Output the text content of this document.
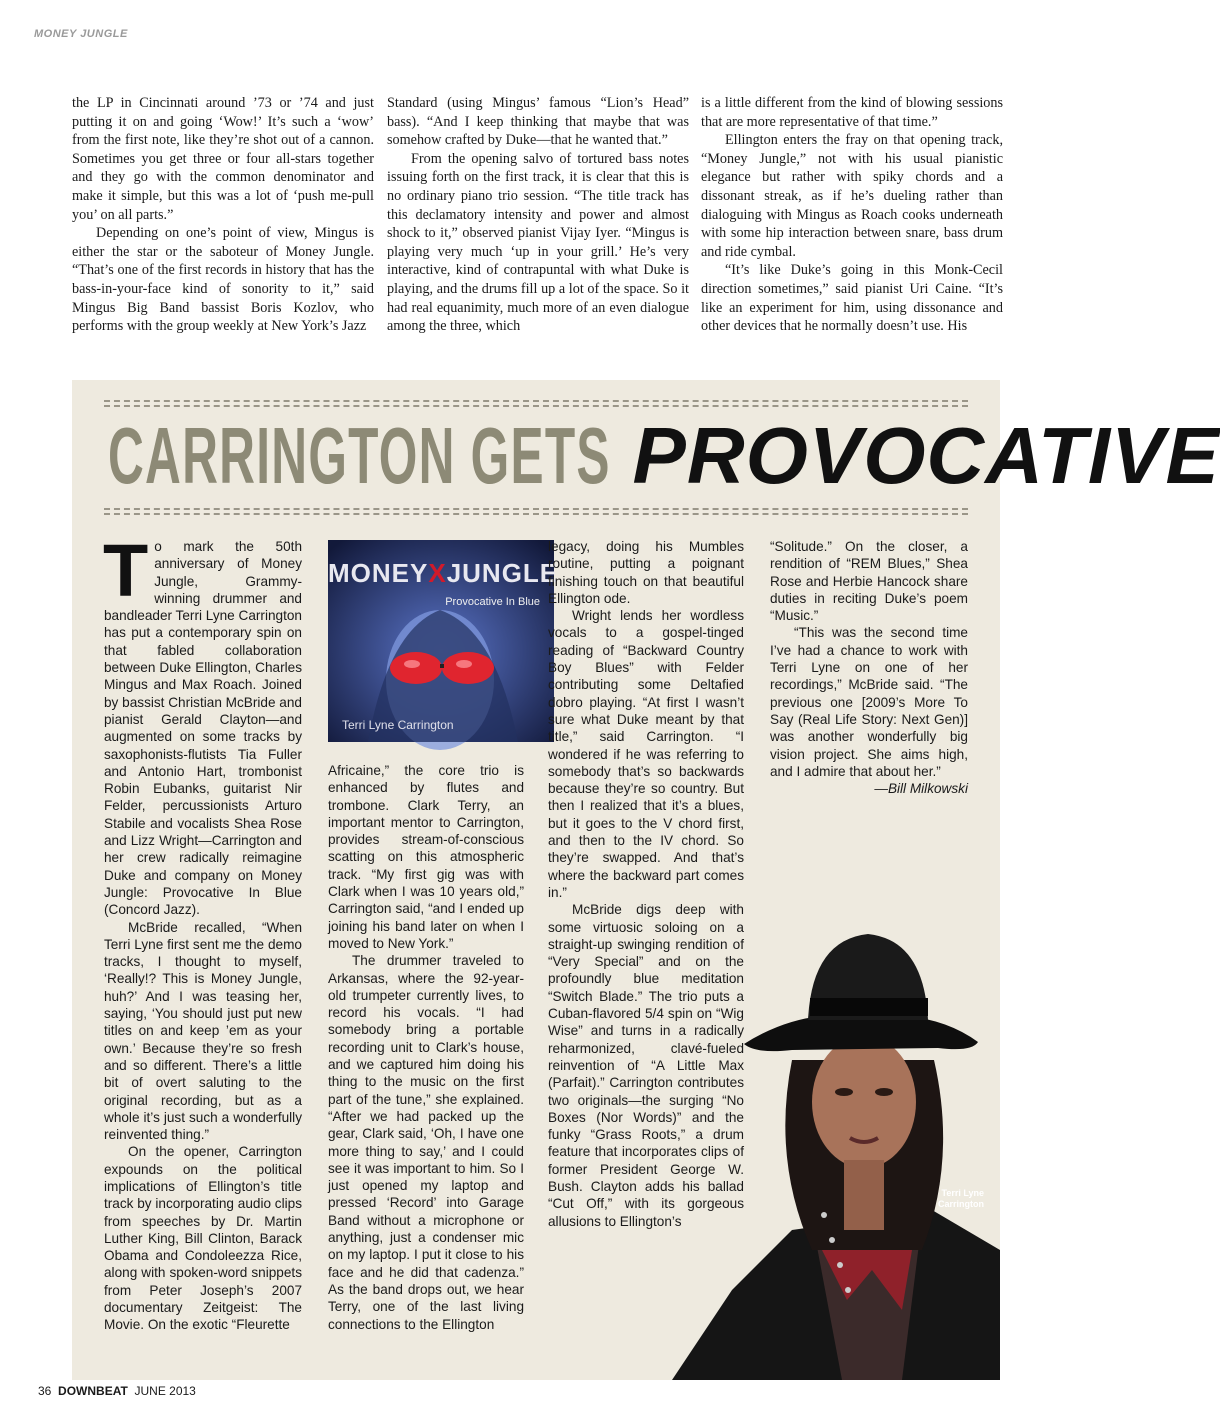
MONEY JUNGLE

the LP in Cincinnati around ’73 or ’74 and just putting it on and going ‘Wow!’ It’s such a ‘wow’ from the first note, like they’re shot out of a cannon. Sometimes you get three or four all-stars together and they go with the common denominator and make it simple, but this was a lot of ‘push me-pull you’ on all parts.”

Depending on one’s point of view, Mingus is either the star or the saboteur of Money Jungle. “That’s one of the first records in history that has the bass-in-your-face kind of sonority to it,” said Mingus Big Band bassist Boris Kozlov, who performs with the group weekly at New York’s Jazz

Standard (using Mingus’ famous “Lion’s Head” bass). “And I keep thinking that maybe that was somehow crafted by Duke—that he wanted that.”

From the opening salvo of tortured bass notes issuing forth on the first track, it is clear that this is no ordinary piano trio session. “The title track has this declamatory intensity and power and almost shock to it,” observed pianist Vijay Iyer. “Mingus is playing very much ‘up in your grill.’ He’s very interactive, kind of contrapuntal with what Duke is playing, and the drums fill up a lot of the space. So it had real equanimity, much more of an even dialogue among the three, which

is a little different from the kind of blowing sessions that are more representative of that time.”

Ellington enters the fray on that opening track, “Money Jungle,” not with his usual pianistic elegance but rather with spiky chords and a dissonant streak, as if he’s dueling rather than dialoguing with Mingus as Roach cooks underneath with some hip interaction between snare, bass drum and ride cymbal.

“It’s like Duke’s going in this Monk-Cecil direction sometimes,” said pianist Uri Caine. “It’s like an experiment for him, using dissonance and other devices that he normally doesn’t use. His

CARRINGTON GETS PROVOCATIVE

To mark the 50th anniversary of Money Jungle, Grammy-winning drummer and bandleader Terri Lyne Carrington has put a contemporary spin on that fabled collaboration between Duke Ellington, Charles Mingus and Max Roach. Joined by bassist Christian McBride and pianist Gerald Clayton—and augmented on some tracks by saxophonists-flutists Tia Fuller and Antonio Hart, trombonist Robin Eubanks, guitarist Nir Felder, percussionists Arturo Stabile and vocalists Shea Rose and Lizz Wright—Carrington and her crew radically reimagine Duke and company on Money Jungle: Provocative In Blue (Concord Jazz).

McBride recalled, “When Terri Lyne first sent me the demo tracks, I thought to myself, ‘Really!? This is Money Jungle, huh?’ And I was teasing her, saying, ‘You should just put new titles on and keep ’em as your own.’ Because they’re so fresh and so different. There’s a little bit of overt saluting to the original recording, but as a whole it’s just such a wonderfully reinvented thing.”

On the opener, Carrington expounds on the political implications of Ellington’s title track by incorporating audio clips from speeches by Dr. Martin Luther King, Bill Clinton, Barack Obama and Condoleezza Rice, along with spoken-word snippets from Peter Joseph’s 2007 documentary Zeitgeist: The Movie. On the exotic “Fleurette

MONEYXJUNGLE
Provocative In Blue
Terri Lyne Carrington

Africaine,” the core trio is enhanced by flutes and trombone. Clark Terry, an important mentor to Carrington, provides stream-of-conscious scatting on this atmospheric track. “My first gig was with Clark when I was 10 years old,” Carrington said, “and I ended up joining his band later on when I moved to New York.”

The drummer traveled to Arkansas, where the 92-year-old trumpeter currently lives, to record his vocals. “I had somebody bring a portable recording unit to Clark’s house, and we captured him doing his thing to the music on the first part of the tune,” she explained. “After we had packed up the gear, Clark said, ‘Oh, I have one more thing to say,’ and I could see it was important to him. So I just opened my laptop and pressed ‘Record’ into Garage Band without a microphone or anything, just a condenser mic on my laptop. I put it close to his face and he did that cadenza.” As the band drops out, we hear Terry, one of the last living connections to the Ellington

legacy, doing his Mumbles routine, putting a poignant finishing touch on that beautiful Ellington ode.

Wright lends her wordless vocals to a gospel-tinged reading of “Backward Country Boy Blues” with Felder contributing some Deltafied dobro playing. “At first I wasn’t sure what Duke meant by that title,” said Carrington. “I wondered if he was referring to somebody that’s so backwards because they’re so country. But then I realized that it’s a blues, but it goes to the V chord first, and then to the IV chord. So they’re swapped. And that’s where the backward part comes in.”

McBride digs deep with some virtuosic soloing on a straight-up swinging rendition of “Very Special” and on the profoundly blue meditation “Switch Blade.” The trio puts a Cuban-flavored 5/4 spin on “Wig Wise” and turns in a radically reharmonized, clavé-fueled reinvention of “A Little Max (Parfait).” Carrington contributes two originals—the surging “No Boxes (Nor Words)” and the funky “Grass Roots,” a drum feature that incorporates clips of former President George W. Bush. Clayton adds his ballad “Cut Off,” with its gorgeous allusions to Ellington’s

“Solitude.” On the closer, a rendition of “REM Blues,” Shea Rose and Herbie Hancock share duties in reciting Duke’s poem “Music.”

“This was the second time I’ve had a chance to work with Terri Lyne on one of her recordings,” McBride said. “The previous one [2009’s More To Say (Real Life Story: Next Gen)] was another wonderfully big vision project. She aims high, and I admire that about her.”

—Bill Milkowski

Terri Lyne
Carrington
36 DOWNBEAT JUNE 2013
